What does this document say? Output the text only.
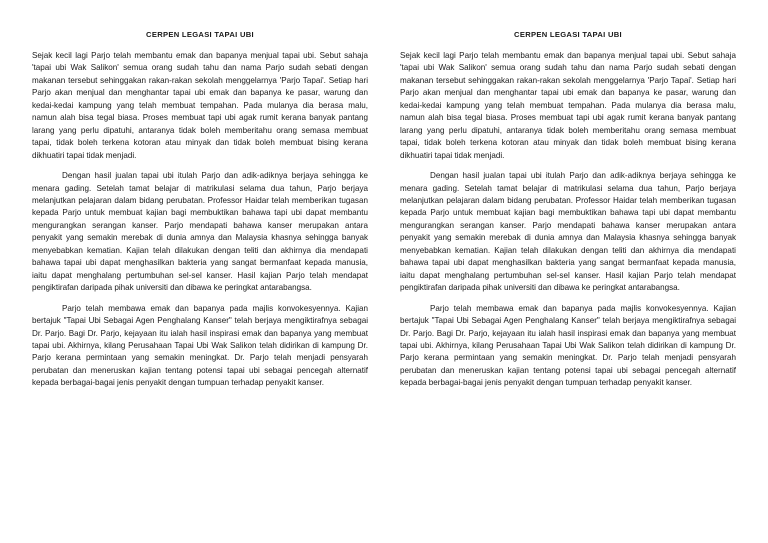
CERPEN LEGASI TAPAI UBI

Sejak kecil lagi Parjo telah membantu emak dan bapanya menjual tapai ubi. Sebut sahaja 'tapai ubi Wak Salikon' semua orang sudah tahu dan nama Parjo sudah sebati dengan makanan tersebut sehinggakan rakan-rakan sekolah menggelarnya 'Parjo Tapai'. Setiap hari Parjo akan menjual dan menghantar tapai ubi emak dan bapanya ke pasar, warung dan kedai-kedai kampung yang telah membuat tempahan. Pada mulanya dia berasa malu, namun alah bisa tegal biasa. Proses membuat tapi ubi agak rumit kerana banyak pantang larang yang perlu dipatuhi, antaranya tidak boleh memberitahu orang semasa membuat tapai, tidak boleh terkena kotoran atau minyak dan tidak boleh membuat bising kerana dikhuatiri tapai tidak menjadi.

Dengan hasil jualan tapai ubi itulah Parjo dan adik-adiknya berjaya sehingga ke menara gading. Setelah tamat belajar di matrikulasi selama dua tahun, Parjo berjaya melanjutkan pelajaran dalam bidang perubatan. Professor Haidar telah memberikan tugasan kepada Parjo untuk membuat kajian bagi membuktikan bahawa tapi ubi dapat membantu mengurangkan serangan kanser. Parjo mendapati bahawa kanser merupakan antara penyakit yang semakin merebak di dunia amnya dan Malaysia khasnya sehingga banyak menyebabkan kematian. Kajian telah dilakukan dengan teliti dan akhirnya dia mendapati bahawa tapai ubi dapat menghasilkan bakteria yang sangat bermanfaat kepada manusia, iaitu dapat menghalang pertumbuhan sel-sel kanser. Hasil kajian Parjo telah mendapat pengiktirafan daripada pihak universiti dan dibawa ke peringkat antarabangsa.

Parjo telah membawa emak dan bapanya pada majlis konvokesyennya. Kajian bertajuk "Tapai Ubi Sebagai Agen Penghalang Kanser" telah berjaya mengiktirafnya sebagai Dr. Parjo. Bagi Dr. Parjo, kejayaan itu ialah hasil inspirasi emak dan bapanya yang membuat tapai ubi. Akhirnya, kilang Perusahaan Tapai Ubi Wak Salikon telah didirikan di kampung Dr. Parjo kerana permintaan yang semakin meningkat. Dr. Parjo telah menjadi pensyarah perubatan dan meneruskan kajian tentang potensi tapai ubi sebagai pencegah alternatif kepada berbagai-bagai jenis penyakit dengan tumpuan terhadap penyakit kanser.

CERPEN LEGASI TAPAI UBI

Sejak kecil lagi Parjo telah membantu emak dan bapanya menjual tapai ubi. Sebut sahaja 'tapai ubi Wak Salikon' semua orang sudah tahu dan nama Parjo sudah sebati dengan makanan tersebut sehinggakan rakan-rakan sekolah menggelarnya 'Parjo Tapai'. Setiap hari Parjo akan menjual dan menghantar tapai ubi emak dan bapanya ke pasar, warung dan kedai-kedai kampung yang telah membuat tempahan. Pada mulanya dia berasa malu, namun alah bisa tegal biasa. Proses membuat tapi ubi agak rumit kerana banyak pantang larang yang perlu dipatuhi, antaranya tidak boleh memberitahu orang semasa membuat tapai, tidak boleh terkena kotoran atau minyak dan tidak boleh membuat bising kerana dikhuatiri tapai tidak menjadi.

Dengan hasil jualan tapai ubi itulah Parjo dan adik-adiknya berjaya sehingga ke menara gading. Setelah tamat belajar di matrikulasi selama dua tahun, Parjo berjaya melanjutkan pelajaran dalam bidang perubatan. Professor Haidar telah memberikan tugasan kepada Parjo untuk membuat kajian bagi membuktikan bahawa tapi ubi dapat membantu mengurangkan serangan kanser. Parjo mendapati bahawa kanser merupakan antara penyakit yang semakin merebak di dunia amnya dan Malaysia khasnya sehingga banyak menyebabkan kematian. Kajian telah dilakukan dengan teliti dan akhirnya dia mendapati bahawa tapai ubi dapat menghasilkan bakteria yang sangat bermanfaat kepada manusia, iaitu dapat menghalang pertumbuhan sel-sel kanser. Hasil kajian Parjo telah mendapat pengiktirafan daripada pihak universiti dan dibawa ke peringkat antarabangsa.

Parjo telah membawa emak dan bapanya pada majlis konvokesyennya. Kajian bertajuk "Tapai Ubi Sebagai Agen Penghalang Kanser" telah berjaya mengiktirafnya sebagai Dr. Parjo. Bagi Dr. Parjo, kejayaan itu ialah hasil inspirasi emak dan bapanya yang membuat tapai ubi. Akhirnya, kilang Perusahaan Tapai Ubi Wak Salikon telah didirikan di kampung Dr. Parjo kerana permintaan yang semakin meningkat. Dr. Parjo telah menjadi pensyarah perubatan dan meneruskan kajian tentang potensi tapai ubi sebagai pencegah alternatif kepada berbagai-bagai jenis penyakit dengan tumpuan terhadap penyakit kanser.
